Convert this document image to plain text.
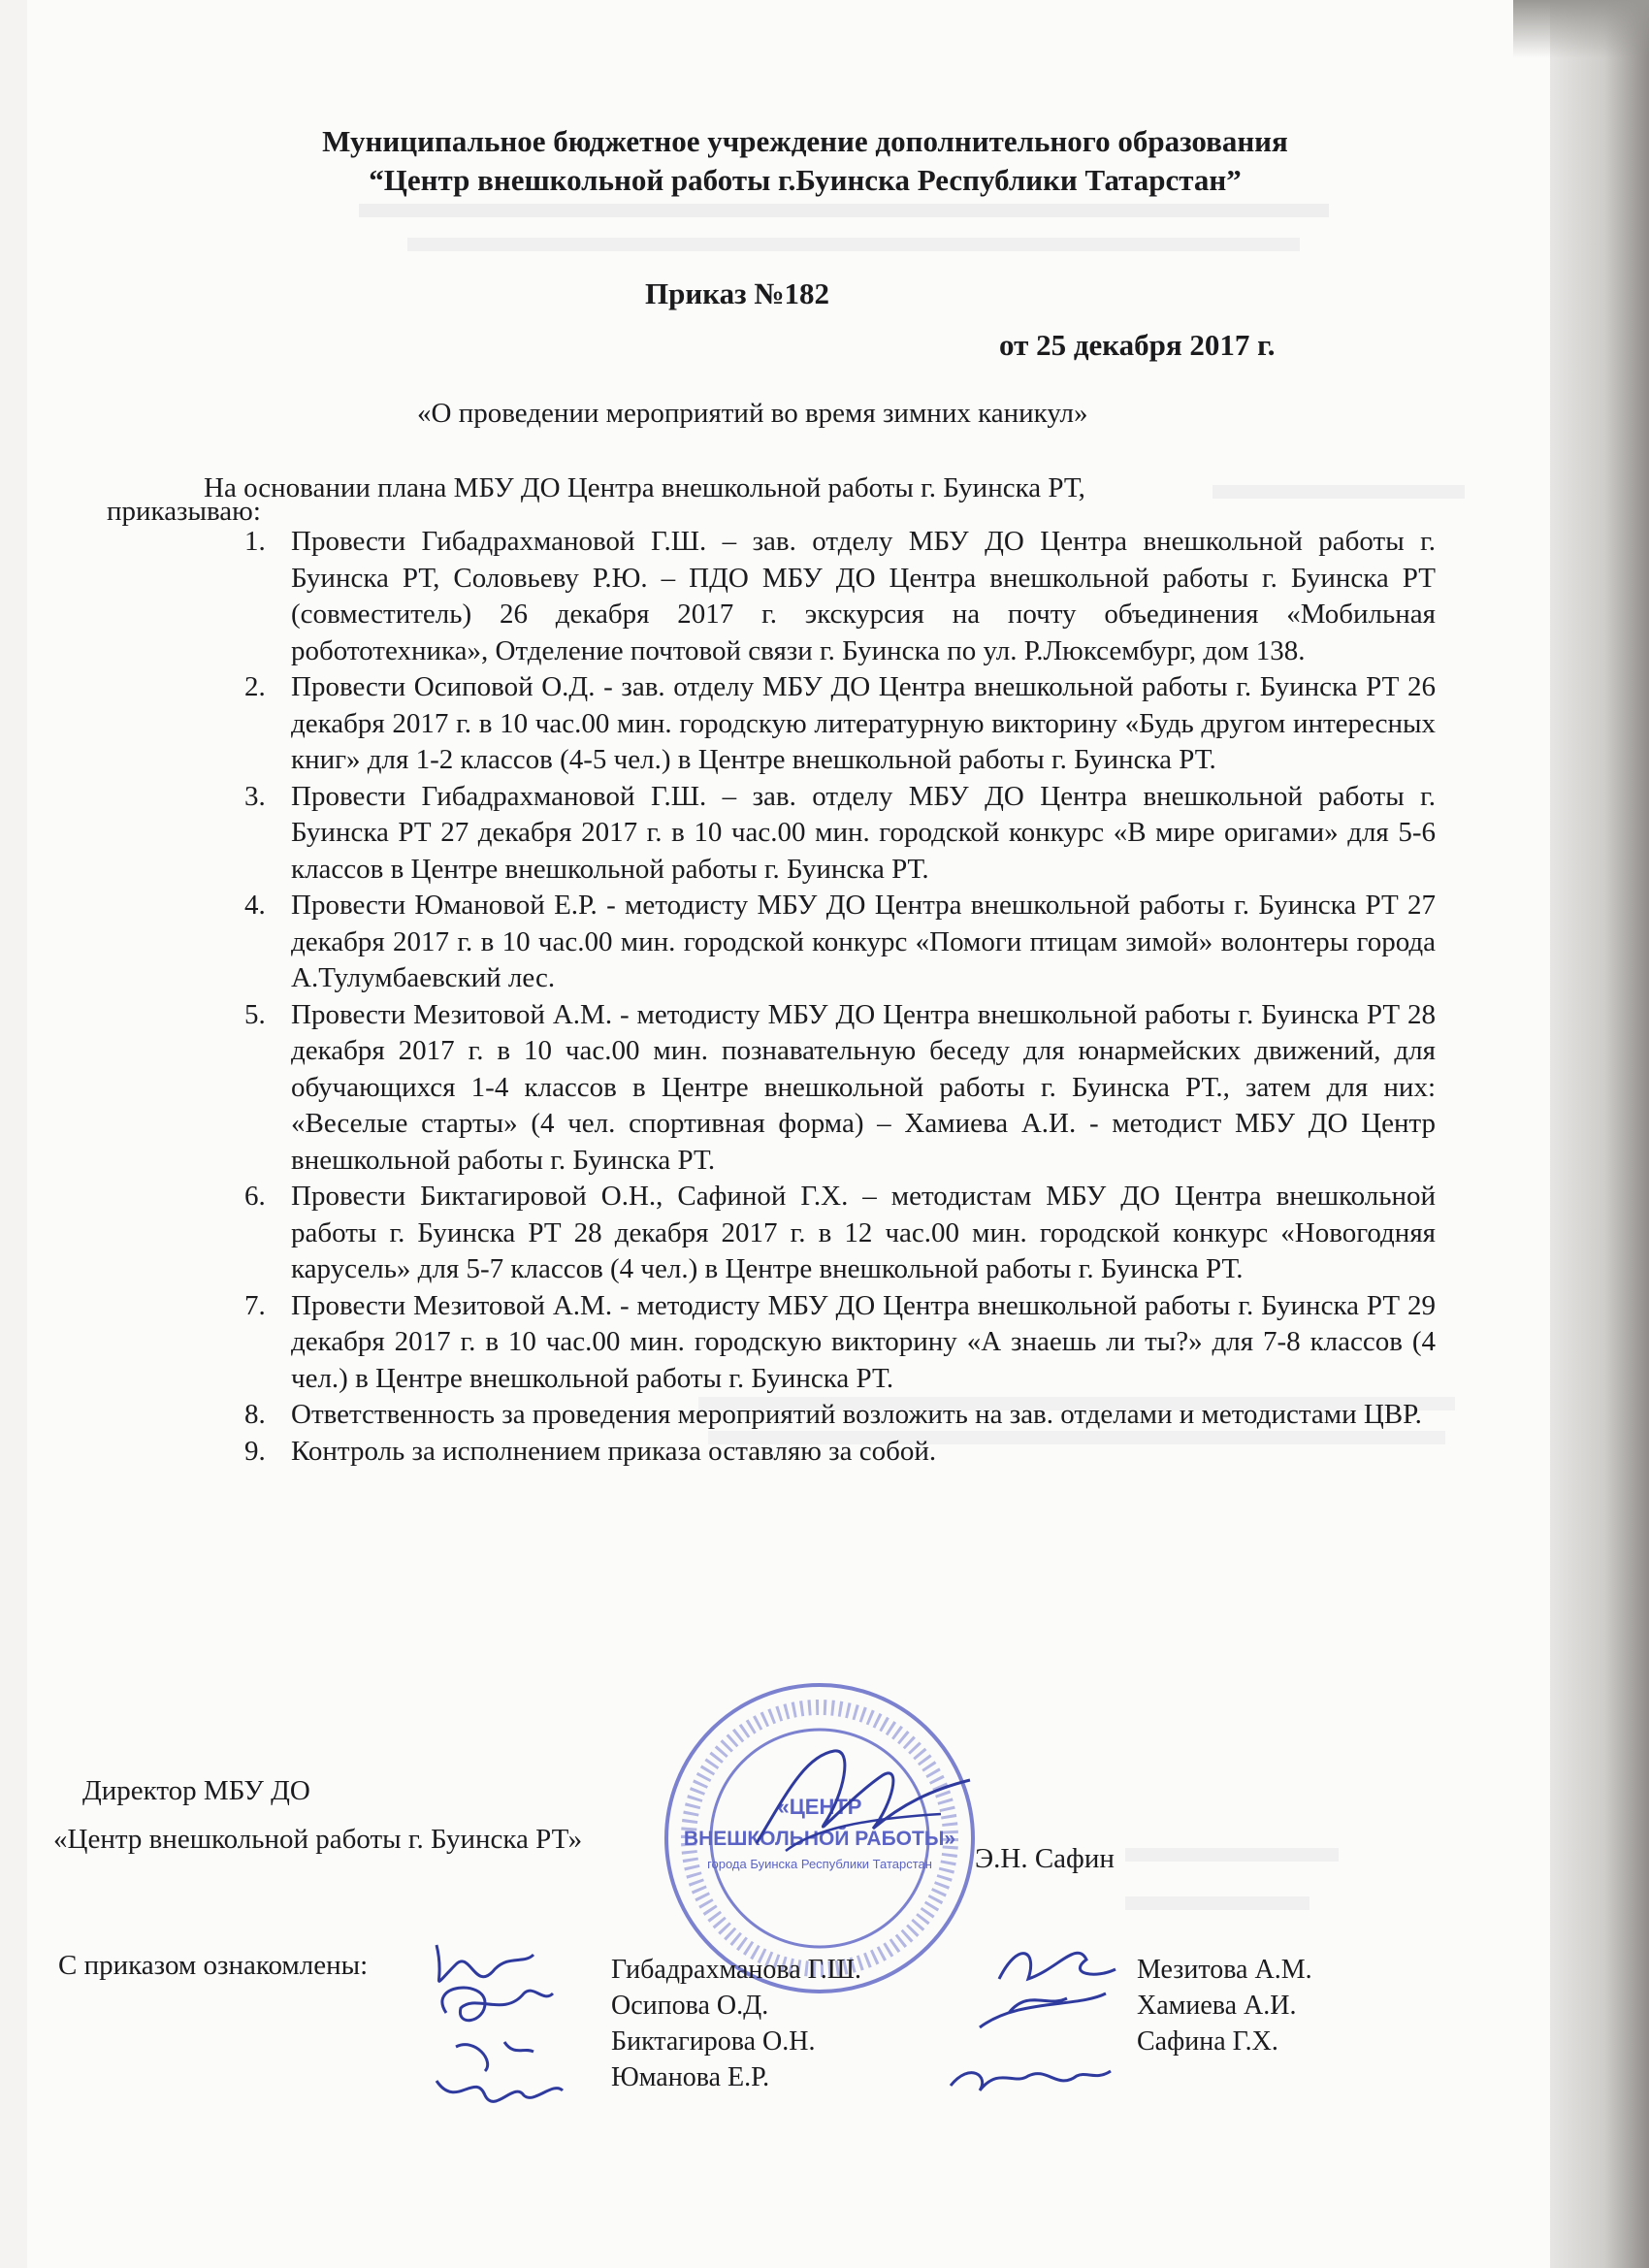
Муниципальное бюджетное учреждение дополнительного образования
“Центр внешкольной работы г.Буинска Республики Татарстан”
Приказ №182
от 25 декабря 2017 г.
«О проведении мероприятий во время зимних каникул»

На основании плана МБУ ДО Центра внешкольной работы г. Буинска РТ,

приказываю:

1. Провести Гибадрахмановой Г.Ш. – зав. отделу МБУ ДО Центра внешкольной работы г. Буинска РТ, Соловьеву Р.Ю. – ПДО МБУ ДО Центра внешкольной работы г. Буинска РТ (совместитель) 26 декабря 2017 г. экскурсия на почту объединения «Мобильная робототехника», Отделение почтовой связи г. Буинска по ул. Р.Люксембург, дом 138.
2. Провести Осиповой О.Д. - зав. отделу МБУ ДО Центра внешкольной работы г. Буинска РТ 26 декабря 2017 г. в 10 час.00 мин. городскую литературную викторину «Будь другом интересных книг» для 1-2 классов (4-5 чел.) в Центре внешкольной работы г. Буинска РТ.
3. Провести Гибадрахмановой Г.Ш. – зав. отделу МБУ ДО Центра внешкольной работы г. Буинска РТ 27 декабря 2017 г. в 10 час.00 мин. городской конкурс «В мире оригами» для 5-6 классов в Центре внешкольной работы г. Буинска РТ.
4. Провести Юмановой Е.Р. - методисту МБУ ДО Центра внешкольной работы г. Буинска РТ 27 декабря 2017 г. в 10 час.00 мин. городской конкурс «Помоги птицам зимой» волонтеры города А.Тулумбаевский лес.
5. Провести Мезитовой А.М. - методисту МБУ ДО Центра внешкольной работы г. Буинска РТ 28 декабря 2017 г. в 10 час.00 мин. познавательную беседу для юнармейских движений, для обучающихся 1-4 классов в Центре внешкольной работы г. Буинска РТ., затем для них: «Веселые старты» (4 чел. спортивная форма) – Хамиева А.И. - методист МБУ ДО Центр внешкольной работы г. Буинска РТ.
6. Провести Биктагировой О.Н., Сафиной Г.Х. – методистам МБУ ДО Центра внешкольной работы г. Буинска РТ 28 декабря 2017 г. в 12 час.00 мин. городской конкурс «Новогодняя карусель» для 5-7 классов (4 чел.) в Центре внешкольной работы г. Буинска РТ.
7. Провести Мезитовой А.М. - методисту МБУ ДО Центра внешкольной работы г. Буинска РТ 29 декабря 2017 г. в 10 час.00 мин. городскую викторину «А знаешь ли ты?» для 7-8 классов (4 чел.) в Центре внешкольной работы г. Буинска РТ.
8. Ответственность за проведения мероприятий возложить на зав. отделами и методистами ЦВР.
9. Контроль за исполнением приказа оставляю за собой.
Директор МБУ ДО
«Центр внешкольной работы г. Буинска РТ»
Э.Н. Сафин
«ЦЕНТР
ВНЕШКОЛЬНОЙ РАБОТЫ»
города Буинска Республики Татарстан
С приказом ознакомлены:	Гибадрахманова Г.Ш.
Осипова О.Д.
Биктагирова О.Н.
Юманова Е.Р.
Мезитова А.М.
Хамиева А.И.
Сафина Г.Х.
